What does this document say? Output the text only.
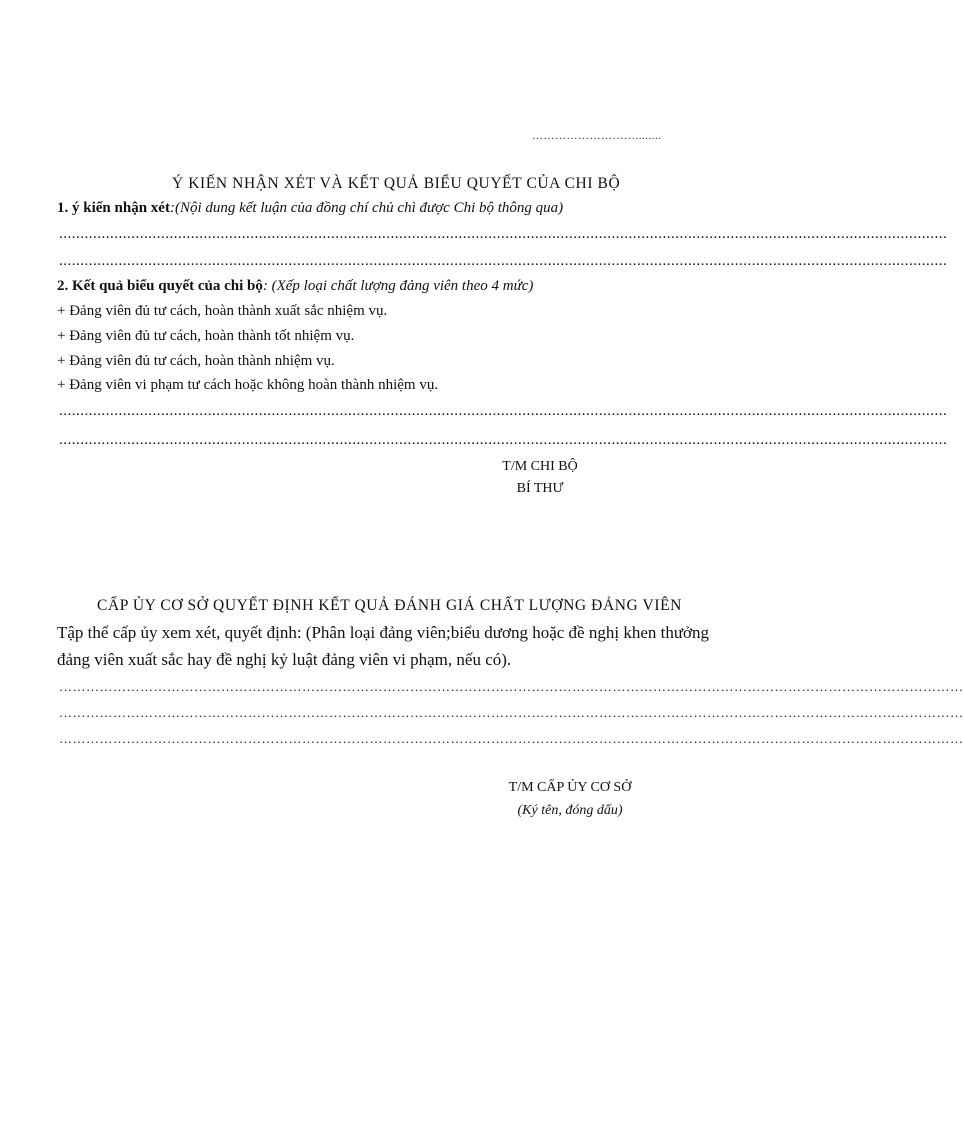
………………………........
Ý KIẾN NHẬN XÉT VÀ KẾT QUẢ BIỂU QUYẾT CỦA CHI BỘ
1. ý kiến nhận xét:(Nội dung kết luận của đồng chí chủ chì được Chi bộ thông qua)
.................................................................................................................................................................................................................
.................................................................................................................................................................................................................
2. Kết quả biểu quyết của chi bộ: (Xếp loại chất lượng đảng viên theo 4 mức)
+ Đảng viên đủ tư cách, hoàn thành xuất sắc nhiệm vụ.
+ Đảng viên đủ tư cách, hoàn thành tốt nhiệm vụ.
+ Đảng viên đủ tư cách, hoàn thành nhiệm vụ.
+ Đảng viên vi phạm tư cách hoặc không hoàn thành nhiệm vụ.
.................................................................................................................................................................................................................
.................................................................................................................................................................................................................
T/M CHI BỘ
BÍ THƯ
CẤP ỦY CƠ SỞ QUYẾT ĐỊNH KẾT QUẢ ĐÁNH GIÁ CHẤT LƯỢNG ĐẢNG VIÊN
Tập thể cấp ủy xem xét, quyết định: (Phân loại đảng viên;biểu dương hoặc đề nghị khen thưởng
đảng viên xuất sắc hay đề nghị kỷ luật đảng viên vi phạm, nếu có).
…………………………………………………………………………………………………………………………………………………………………………………
…………………………………………………………………………………………………………………………………………………………………………………
…………………………………………………………………………………………………………………………………………………………………………………
T/M CẤP ỦY CƠ SỞ
(Ký tên, đóng dấu)
